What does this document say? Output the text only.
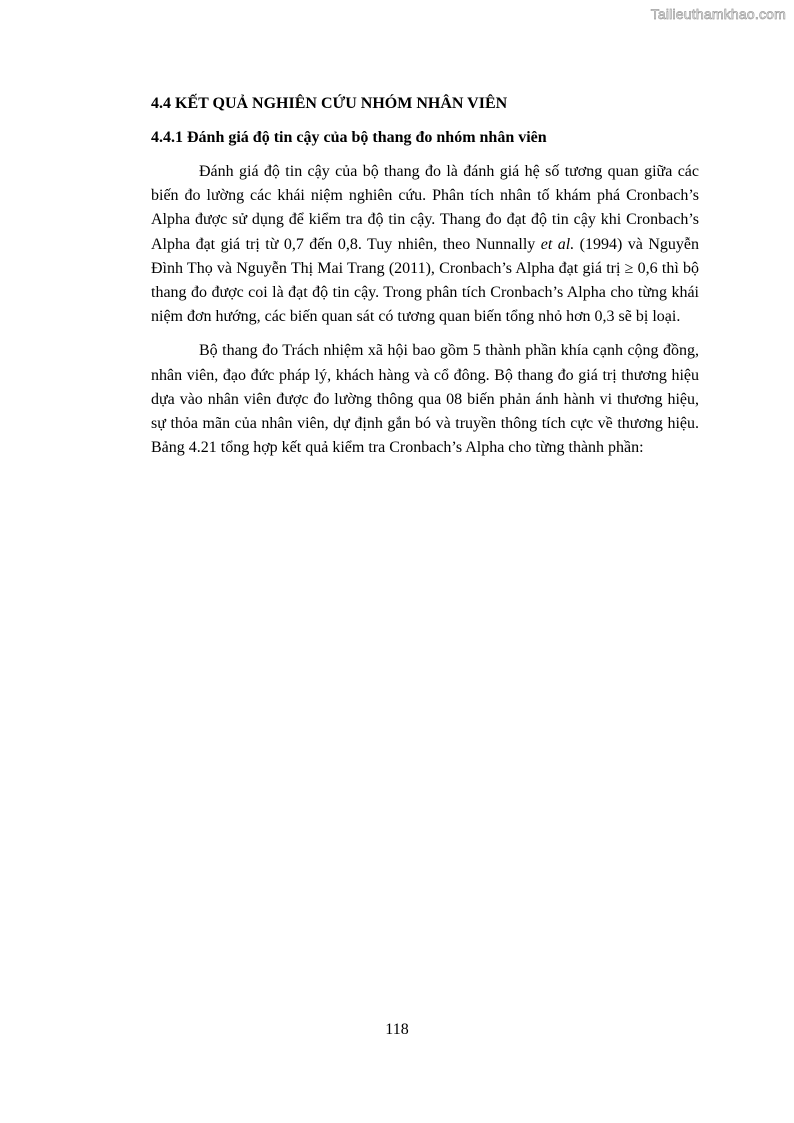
Tailieuthamkhao.com
4.4 KẾT QUẢ NGHIÊN CỨU NHÓM NHÂN VIÊN
4.4.1 Đánh giá độ tin cậy của bộ thang đo nhóm nhân viên

Đánh giá độ tin cậy của bộ thang đo là đánh giá hệ số tương quan giữa các biến đo lường các khái niệm nghiên cứu. Phân tích nhân tố khám phá Cronbach’s Alpha được sử dụng để kiểm tra độ tin cậy. Thang đo đạt độ tin cậy khi Cronbach’s Alpha đạt giá trị từ 0,7 đến 0,8. Tuy nhiên, theo Nunnally et al. (1994) và Nguyễn Đình Thọ và Nguyễn Thị Mai Trang (2011), Cronbach’s Alpha đạt giá trị ≥ 0,6 thì bộ thang đo được coi là đạt độ tin cậy. Trong phân tích Cronbach’s Alpha cho từng khái niệm đơn hướng, các biến quan sát có tương quan biến tổng nhỏ hơn 0,3 sẽ bị loại.

Bộ thang đo Trách nhiệm xã hội bao gồm 5 thành phần khía cạnh cộng đồng, nhân viên, đạo đức pháp lý, khách hàng và cổ đông. Bộ thang đo giá trị thương hiệu dựa vào nhân viên được đo lường thông qua 08 biến phản ánh hành vi thương hiệu, sự thỏa mãn của nhân viên, dự định gắn bó và truyền thông tích cực về thương hiệu. Bảng 4.21 tổng hợp kết quả kiểm tra Cronbach’s Alpha cho từng thành phần:

118
